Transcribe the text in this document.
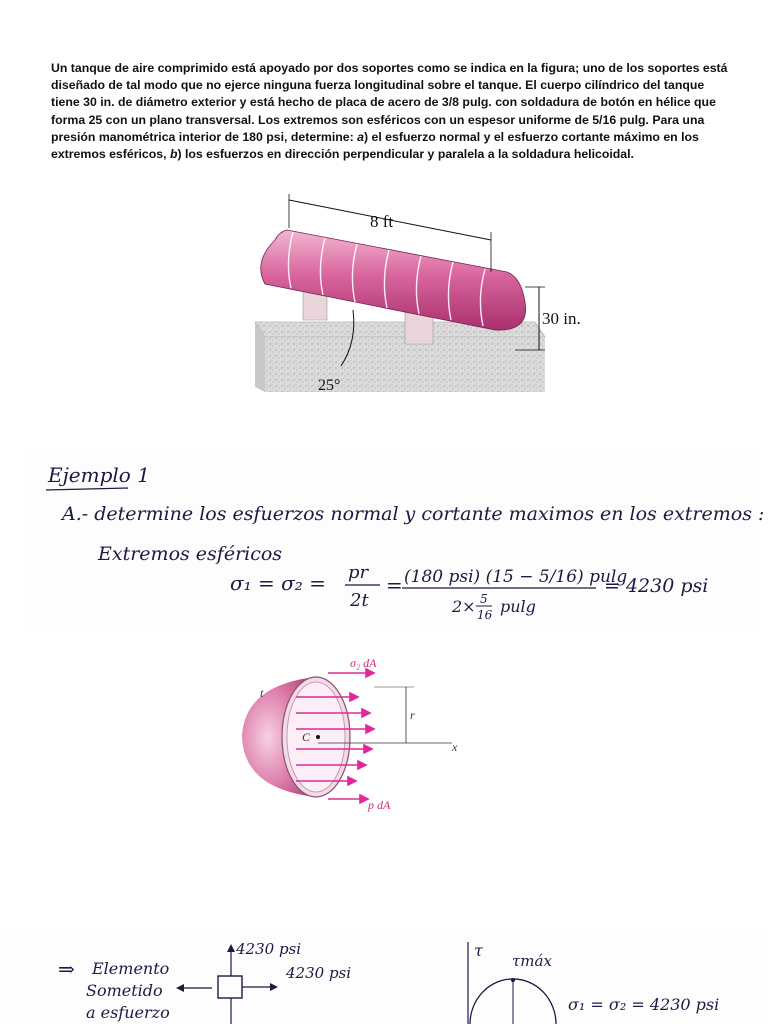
Un tanque de aire comprimido está apoyado por dos soportes como se indica en la figura; uno de los soportes está diseñado de tal modo que no ejerce ninguna fuerza longitudinal sobre el tanque. El cuerpo cilíndrico del tanque tiene 30 in. de diámetro exterior y está hecho de placa de acero de 3/8 pulg. con soldadura de botón en hélice que forma 25 con un plano transversal. Los extremos son esféricos con un espesor uniforme de 5/16 pulg. Para una presión manométrica interior de 180 psi, determine: a) el esfuerzo normal y el esfuerzo cortante máximo en los extremos esféricos, b) los esfuerzos en dirección perpendicular y paralela a la soldadura helicoidal.

8 ft
30 in.
25°
Ejemplo 1
A.- determine los esfuerzos normal y cortante maximos en los extremos :
Extremos esféricos
σ₁ = σ₂ = pr
2t
= (180 psi) (15 − 5/16) pulg
2× 5
16 pulg
= 4230 psi
σ₂ dA
t
r
C
x
p dA
⇒ Elemento
Sometido
a esfuerzo
4230 psi
4230 psi
τ
τmáx
σ₁ = σ₂ = 4230 psi
